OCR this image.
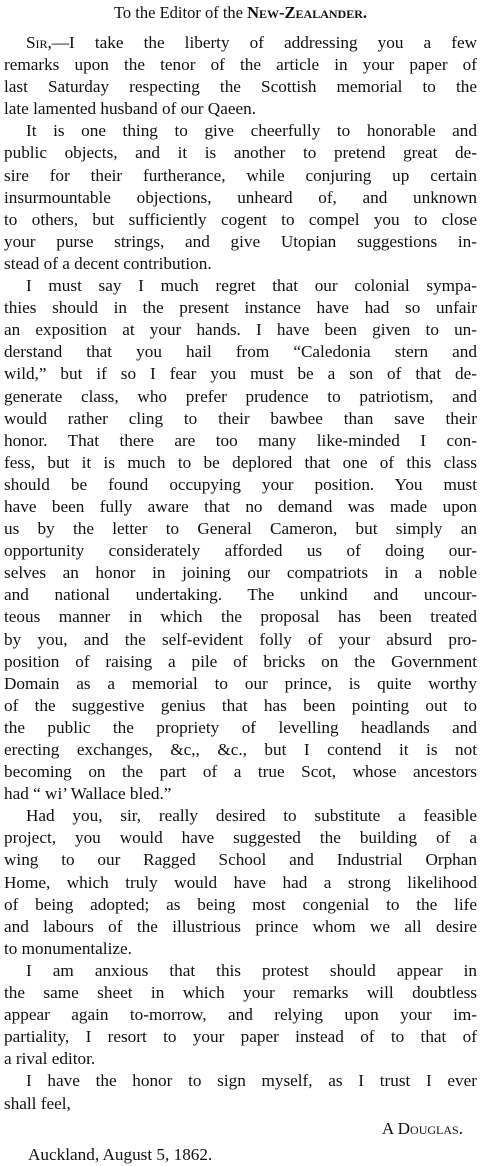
To the Editor of the New-Zealander.
Sir,—I take the liberty of addressing you a few
remarks upon the tenor of the article in your paper of
last Saturday respecting the Scottish memorial to the
late lamented husband of our Qaeen.
It is one thing to give cheerfully to honorable and
public objects, and it is another to pretend great de-
sire for their furtherance, while conjuring up certain
insurmountable objections, unheard of, and unknown
to others, but sufficiently cogent to compel you to close
your purse strings, and give Utopian suggestions in-
stead of a decent contribution.
I must say I much regret that our colonial sympa-
thies should in the present instance have had so unfair
an exposition at your hands. I have been given to un-
derstand that you hail from “Caledonia stern and
wild,” but if so I fear you must be a son of that de-
generate class, who prefer prudence to patriotism, and
would rather cling to their bawbee than save their
honor. That there are too many like-minded I con-
fess, but it is much to be deplored that one of this class
should be found occupying your position. You must
have been fully aware that no demand was made upon
us by the letter to General Cameron, but simply an
opportunity considerately afforded us of doing our-
selves an honor in joining our compatriots in a noble
and national undertaking. The unkind and uncour-
teous manner in which the proposal has been treated
by you, and the self-evident folly of your absurd pro-
position of raising a pile of bricks on the Government
Domain as a memorial to our prince, is quite worthy
of the suggestive genius that has been pointing out to
the public the propriety of levelling headlands and
erecting exchanges, &c,, &c., but I contend it is not
becoming on the part of a true Scot, whose ancestors
had “ wi’ Wallace bled.”
Had you, sir, really desired to substitute a feasible
project, you would have suggested the building of a
wing to our Ragged School and Industrial Orphan
Home, which truly would have had a strong likelihood
of being adopted; as being most congenial to the life
and labours of the illustrious prince whom we all desire
to monumentalize.
I am anxious that this protest should appear in
the same sheet in which your remarks will doubtless
appear again to-morrow, and relying upon your im-
partiality, I resort to your paper instead of to that of
a rival editor.
I have the honor to sign myself, as I trust I ever
shall feel,
A Douglas.
Auckland, August 5, 1862.
